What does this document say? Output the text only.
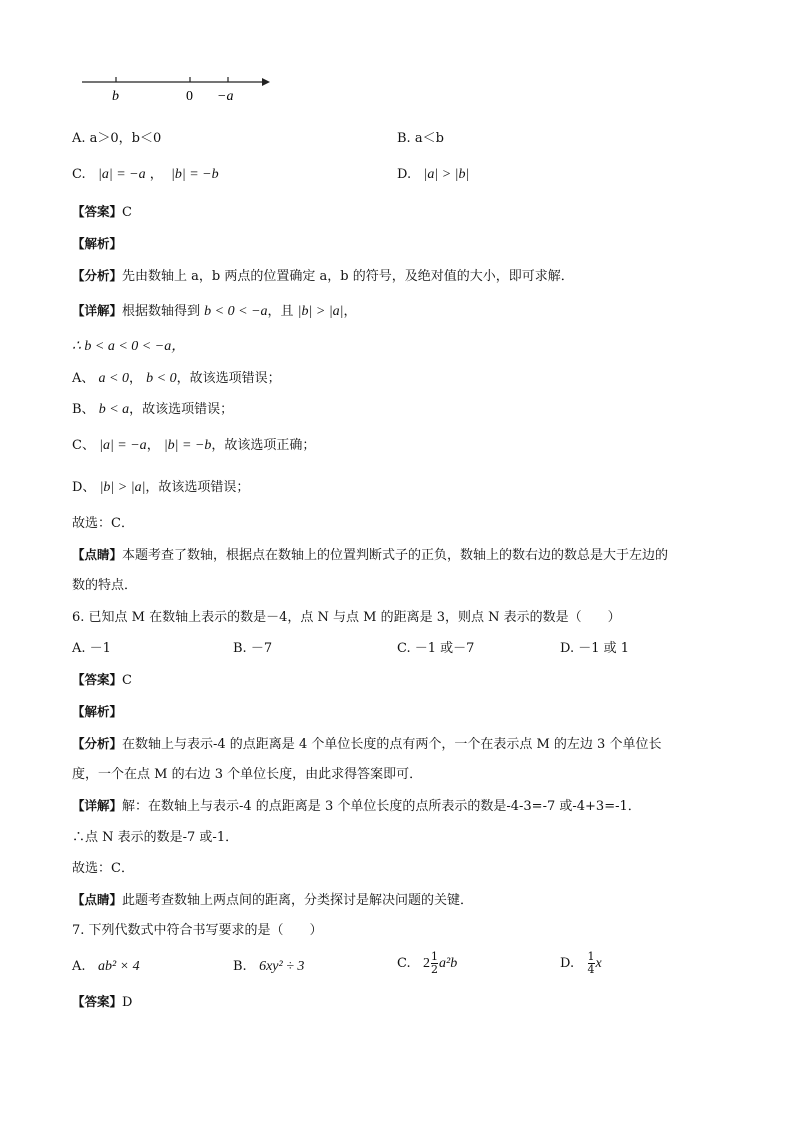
b	0 −a
A. a＞0，b＜0	B. a＜b
C. |a| = −a ，  |b| = −b	D. |a| > |b|
【答案】C
【解析】
【分析】先由数轴上 a，b 两点的位置确定 a，b 的符号，及绝对值的大小，即可求解．
【详解】根据数轴得到 b < 0 < −a，且 |b| > |a|，
∴ b < a < 0 < −a，
A、 a < 0， b < 0，故该选项错误；
B、 b < a，故该选项错误；
C、 |a| = −a， |b| = −b，故该选项正确；
D、 |b| > |a|，故该选项错误；
故选：C．
【点睛】本题考查了数轴，根据点在数轴上的位置判断式子的正负，数轴上的数右边的数总是大于左边的
数的特点．
6. 已知点 M 在数轴上表示的数是－4，点 N 与点 M 的距离是 3，则点 N 表示的数是（　　）
A. －1	B. －7	C. －1 或－7	D. －1 或 1
【答案】C
【解析】
【分析】在数轴上与表示-4 的点距离是 4 个单位长度的点有两个，一个在表示点 M 的左边 3 个单位长
度，一个在点 M 的右边 3 个单位长度，由此求得答案即可．
【详解】解：在数轴上与表示-4 的点距离是 3 个单位长度的点所表示的数是-4-3=-7 或-4+3=-1．
∴点 N 表示的数是-7 或-1．
故选：C．
【点睛】此题考查数轴上两点间的距离，分类探讨是解决问题的关键．
7. 下列代数式中符合书写要求的是（　　）
A. ab² × 4	B. 6xy² ÷ 3	C. $2 \frac{1}{2} a^2b$	D. $\frac{1}{4}$ x
【答案】D
